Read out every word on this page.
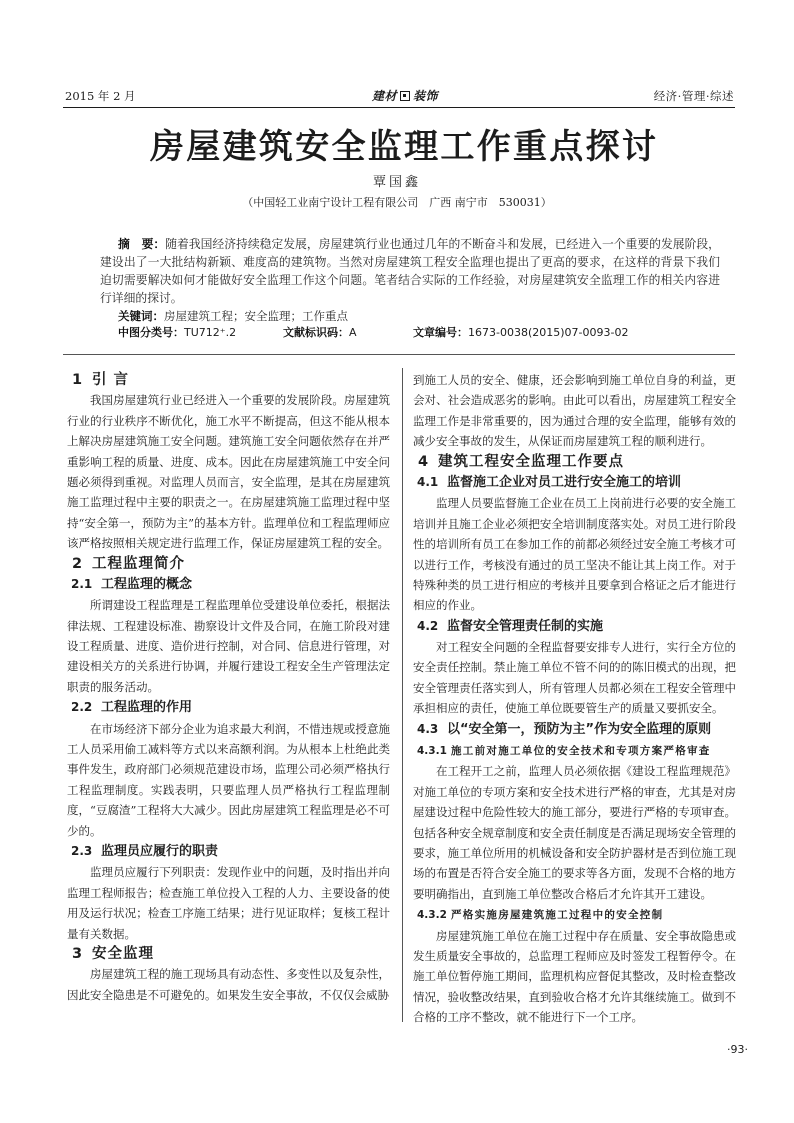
2015 年 2 月	建材 装饰	经济·管理·综述
房屋建筑安全监理工作重点探讨
覃国鑫
（中国轻工业南宁设计工程有限公司　广西 南宁市　530031）
摘　要：随着我国经济持续稳定发展，房屋建筑行业也通过几年的不断奋斗和发展，已经进入一个重要的发展阶段，建设出了一大批结构新颖、难度高的建筑物。当然对房屋建筑工程安全监理也提出了更高的要求，在这样的背景下我们迫切需要解决如何才能做好安全监理工作这个问题。笔者结合实际的工作经验，对房屋建筑安全监理工作的相关内容进行详细的探讨。
关键词：房屋建筑工程；安全监理；工作重点
中图分类号：TU712⁺.2	文献标识码：A	文章编号：1673-0038(2015)07-0093-02
1 引 言

我国房屋建筑行业已经进入一个重要的发展阶段。房屋建筑行业的行业秩序不断优化，施工水平不断提高，但这不能从根本上解决房屋建筑施工安全问题。建筑施工安全问题依然存在并严重影响工程的质量、进度、成本。因此在房屋建筑施工中安全问题必须得到重视。对监理人员而言，安全监理，是其在房屋建筑施工监理过程中主要的职责之一。在房屋建筑施工监理过程中坚持“安全第一，预防为主”的基本方针。监理单位和工程监理师应该严格按照相关规定进行监理工作，保证房屋建筑工程的安全。

2 工程监理简介
2.1 工程监理的概念

所谓建设工程监理是工程监理单位受建设单位委托，根据法律法规、工程建设标准、勘察设计文件及合同，在施工阶段对建设工程质量、进度、造价进行控制，对合同、信息进行管理，对建设相关方的关系进行协调，并履行建设工程安全生产管理法定职责的服务活动。

2.2 工程监理的作用

在市场经济下部分企业为追求最大利润，不惜违规或授意施工人员采用偷工减料等方式以来高额利润。为从根本上杜绝此类事件发生，政府部门必须规范建设市场，监理公司必须严格执行工程监理制度。实践表明，只要监理人员严格执行工程监理制度，“豆腐渣”工程将大大减少。因此房屋建筑工程监理是必不可少的。

2.3 监理员应履行的职责

监理员应履行下列职责：发现作业中的问题，及时指出并向监理工程师报告；检查施工单位投入工程的人力、主要设备的使用及运行状况；检查工序施工结果；进行见证取样；复核工程计量有关数据。

3 安全监理

房屋建筑工程的施工现场具有动态性、多变性以及复杂性，因此安全隐患是不可避免的。如果发生安全事故，不仅仅会威胁

到施工人员的安全、健康，还会影响到施工单位自身的利益，更会对、社会造成恶劣的影响。由此可以看出，房屋建筑工程安全监理工作是非常重要的，因为通过合理的安全监理，能够有效的减少安全事故的发生，从保证而房屋建筑工程的顺利进行。

4 建筑工程安全监理工作要点
4.1 监督施工企业对员工进行安全施工的培训

监理人员要监督施工企业在员工上岗前进行必要的安全施工培训并且施工企业必须把安全培训制度落实处。对员工进行阶段性的培训所有员工在参加工作的前都必须经过安全施工考核才可以进行工作，考核没有通过的员工坚决不能让其上岗工作。对于特殊种类的员工进行相应的考核并且要拿到合格证之后才能进行相应的作业。

4.2 监督安全管理责任制的实施

对工程安全问题的全程监督要安排专人进行，实行全方位的安全责任控制。禁止施工单位不管不问的的陈旧模式的出现，把安全管理责任落实到人，所有管理人员都必须在工程安全管理中承担相应的责任，使施工单位既要管生产的质量又要抓安全。

4.3 以“安全第一，预防为主”作为安全监理的原则
4.3.1 施工前对施工单位的安全技术和专项方案严格审查

在工程开工之前，监理人员必须依据《建设工程监理规范》对施工单位的专项方案和安全技术进行严格的审查，尤其是对房屋建设过程中危险性较大的施工部分，要进行严格的专项审查。包括各种安全规章制度和安全责任制度是否满足现场安全管理的要求，施工单位所用的机械设备和安全防护器材是否到位施工现场的布置是否符合安全施工的要求等各方面，发现不合格的地方要明确指出，直到施工单位整改合格后才允许其开工建设。

4.3.2 严格实施房屋建筑施工过程中的安全控制

房屋建筑施工单位在施工过程中存在质量、安全事故隐患或发生质量安全事故的，总监理工程师应及时签发工程暂停令。在施工单位暂停施工期间，监理机构应督促其整改，及时检查整改情况，验收整改结果，直到验收合格才允许其继续施工。做到不合格的工序不整改，就不能进行下一个工序。

·93·
